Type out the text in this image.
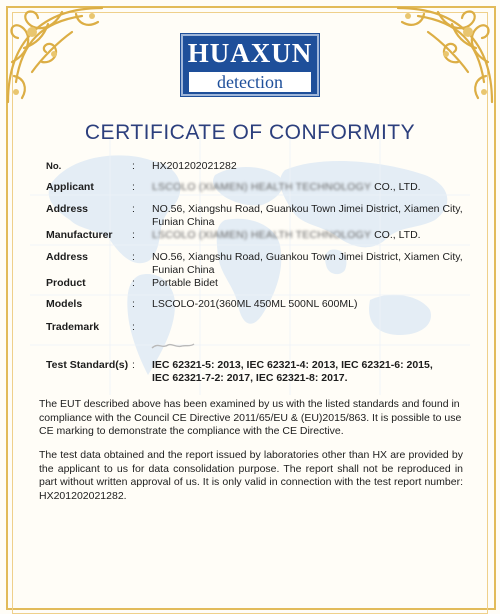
HUAXUN
detection
CERTIFICATE OF CONFORMITY
No.	: HX201202021282
Applicant	: LSCOLO (XIAMEN) HEALTH TECHNOLOGY CO., LTD.
Address	: NO.56, Xiangshu Road, Guankou Town Jimei District, Xiamen City, Funian China
Manufacturer	: LSCOLO (XIAMEN) HEALTH TECHNOLOGY CO., LTD.
Address	: NO.56, Xiangshu Road, Guankou Town Jimei District, Xiamen City, Funian China
Product	: Portable Bidet
Models	: LSCOLO-201(360ML 450ML 500NL 600ML)
Trademark	:
Test Standard(s) : IEC 62321-5: 2013, IEC 62321-4: 2013, IEC 62321-6: 2015,
IEC 62321-7-2: 2017, IEC 62321-8: 2017.
The EUT described above has been examined by us with the listed standards and found in compliance with the Council CE Directive 2011/65/EU & (EU)2015/863. It is possible to use CE marking to demonstrate the compliance with the CE Directive.
The test data obtained and the report issued by laboratories other than HX are provided by the applicant to us for data consolidation purpose. The report shall not be reproduced in part without written approval of us. It is only valid in connection with the test report number: HX201202021282.
